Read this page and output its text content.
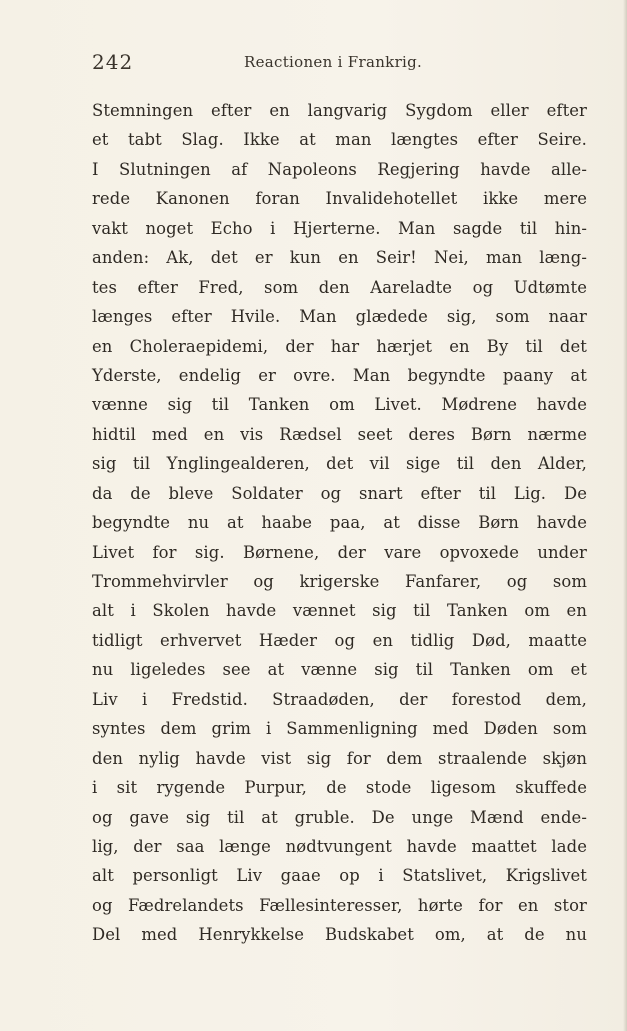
242	Reactionen i Frankrig.
Stemningen efter en langvarig Sygdom eller efter
et tabt Slag. Ikke at man længtes efter Seire.
I Slutningen af Napoleons Regjering havde alle-
rede Kanonen foran Invalidehotellet ikke mere
vakt noget Echo i Hjerterne. Man sagde til hin-
anden: Ak, det er kun en Seir! Nei, man læng-
tes efter Fred, som den Aareladte og Udtømte
længes efter Hvile. Man glædede sig, som naar
en Choleraepidemi, der har hærjet en By til det
Yderste, endelig er ovre. Man begyndte paany at
vænne sig til Tanken om Livet. Mødrene havde
hidtil med en vis Rædsel seet deres Børn nærme
sig til Ynglingealderen, det vil sige til den Alder,
da de bleve Soldater og snart efter til Lig. De
begyndte nu at haabe paa, at disse Børn havde
Livet for sig. Børnene, der vare opvoxede under
Trommehvirvler og krigerske Fanfarer, og som
alt i Skolen havde vænnet sig til Tanken om en
tidligt erhvervet Hæder og en tidlig Død, maatte
nu ligeledes see at vænne sig til Tanken om et
Liv i Fredstid. Straadøden, der forestod dem,
syntes dem grim i Sammenligning med Døden som
den nylig havde vist sig for dem straalende skjøn
i sit rygende Purpur, de stode ligesom skuffede
og gave sig til at gruble. De unge Mænd endе-
lig, der saa længe nødtvungent havde maattet lade
alt personligt Liv gaae op i Statslivet, Krigslivet
og Fædrelandets Fællesinteresser, hørte for en stor
Del med Henrykkelse Budskabet om, at de nu
